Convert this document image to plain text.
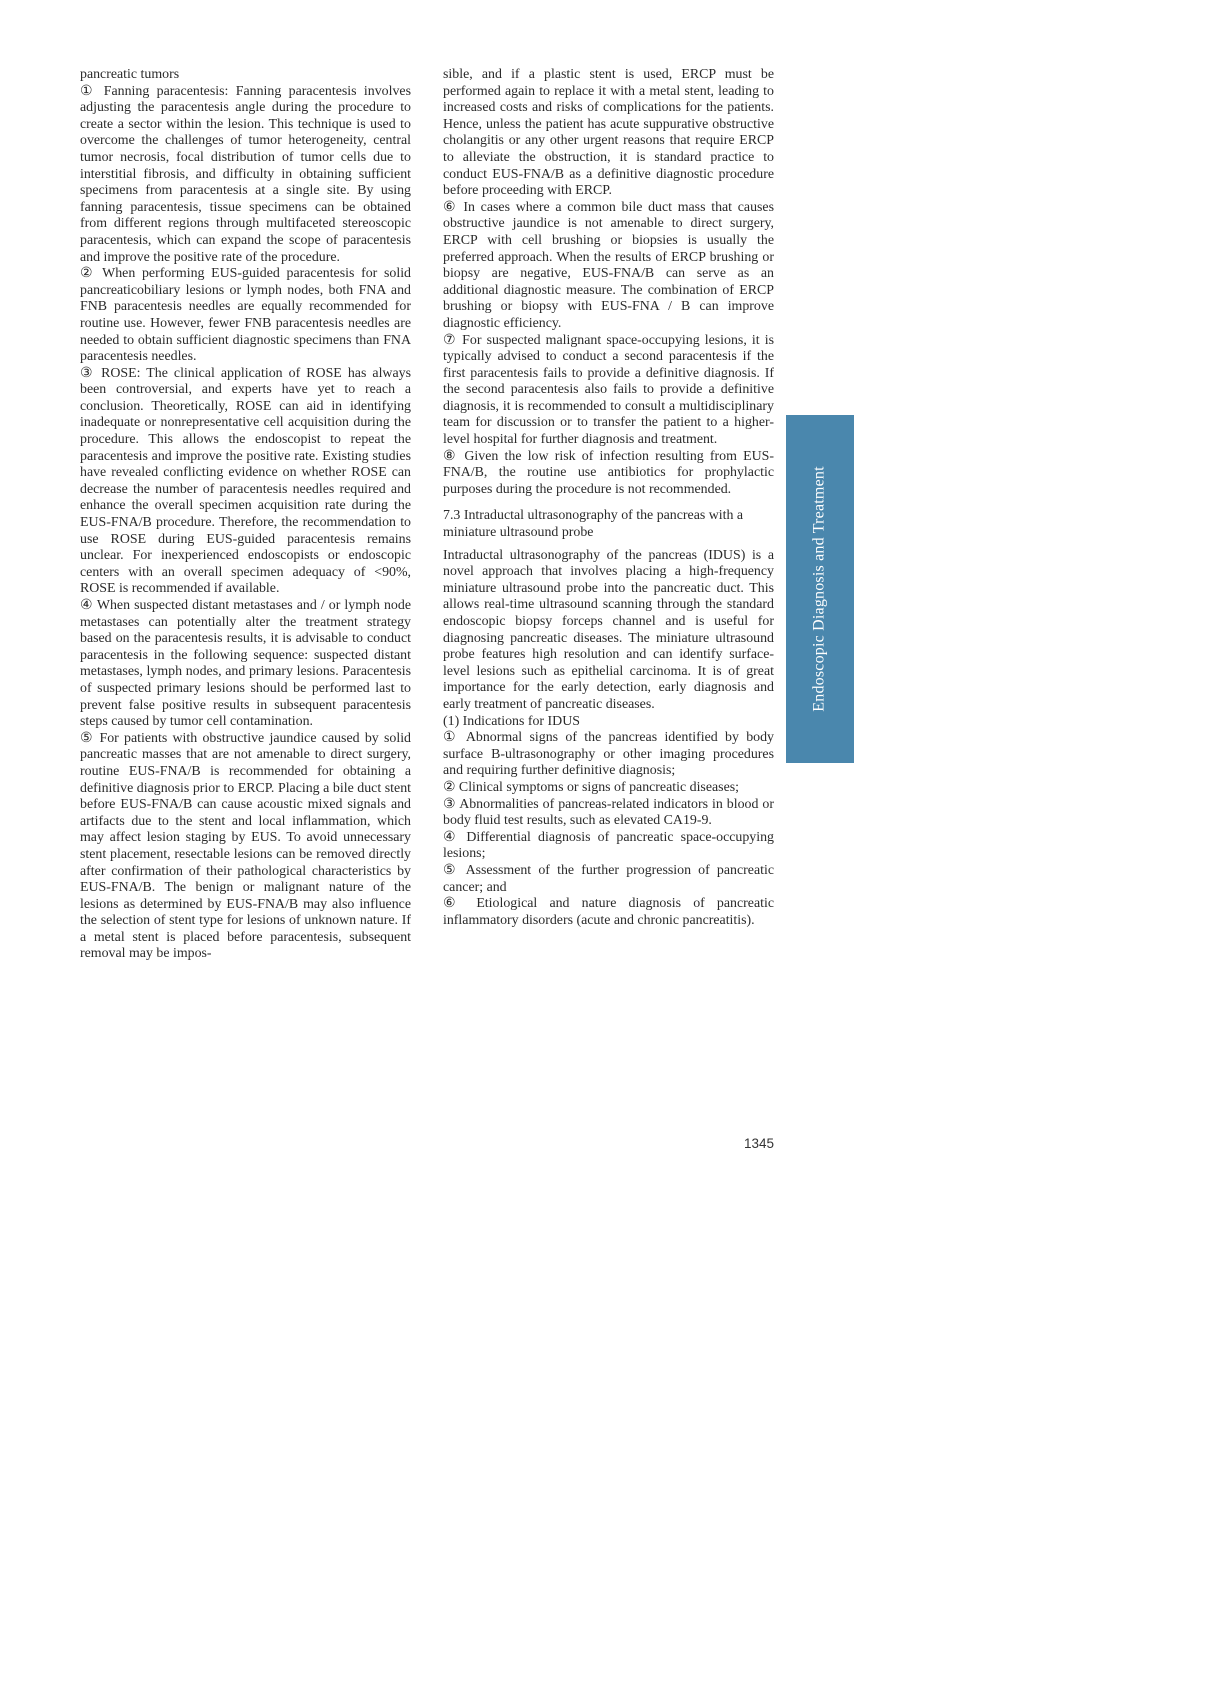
pancreatic tumors

① Fanning paracentesis: Fanning paracentesis involves adjusting the paracentesis angle during the procedure to create a sector within the lesion. This technique is used to overcome the challenges of tumor heterogeneity, central tumor necrosis, focal distribution of tumor cells due to interstitial fibrosis, and difficulty in obtaining sufficient specimens from paracentesis at a single site. By using fanning paracentesis, tissue specimens can be obtained from different regions through multifaceted stereoscopic paracentesis, which can expand the scope of paracentesis and improve the positive rate of the procedure.

② When performing EUS-guided paracentesis for solid pancreaticobiliary lesions or lymph nodes, both FNA and FNB paracentesis needles are equally recommended for routine use. However, fewer FNB paracentesis needles are needed to obtain sufficient diagnostic specimens than FNA paracentesis needles.

③ ROSE: The clinical application of ROSE has always been controversial, and experts have yet to reach a conclusion. Theoretically, ROSE can aid in identifying inadequate or nonrepresentative cell acquisition during the procedure. This allows the endoscopist to repeat the paracentesis and improve the positive rate. Existing studies have revealed conflicting evidence on whether ROSE can decrease the number of paracentesis needles required and enhance the overall specimen acquisition rate during the EUS-FNA/B procedure. Therefore, the recommendation to use ROSE during EUS-guided paracentesis remains unclear. For inexperienced endoscopists or endoscopic centers with an overall specimen adequacy of <90%, ROSE is recommended if available.

④ When suspected distant metastases and / or lymph node metastases can potentially alter the treatment strategy based on the paracentesis results, it is advisable to conduct paracentesis in the following sequence: suspected distant metastases, lymph nodes, and primary lesions. Paracentesis of suspected primary lesions should be performed last to prevent false positive results in subsequent paracentesis steps caused by tumor cell contamination.

⑤ For patients with obstructive jaundice caused by solid pancreatic masses that are not amenable to direct surgery, routine EUS-FNA/B is recommended for obtaining a definitive diagnosis prior to ERCP. Placing a bile duct stent before EUS-FNA/B can cause acoustic mixed signals and artifacts due to the stent and local inflammation, which may affect lesion staging by EUS. To avoid unnecessary stent placement, resectable lesions can be removed directly after confirmation of their pathological characteristics by EUS-FNA/B. The benign or malignant nature of the lesions as determined by EUS-FNA/B may also influence the selection of stent type for lesions of unknown nature. If a metal stent is placed before paracentesis, subsequent removal may be impos-

sible, and if a plastic stent is used, ERCP must be performed again to replace it with a metal stent, leading to increased costs and risks of complications for the patients. Hence, unless the patient has acute suppurative obstructive cholangitis or any other urgent reasons that require ERCP to alleviate the obstruction, it is standard practice to conduct EUS-FNA/B as a definitive diagnostic procedure before proceeding with ERCP.

⑥ In cases where a common bile duct mass that causes obstructive jaundice is not amenable to direct surgery, ERCP with cell brushing or biopsies is usually the preferred approach. When the results of ERCP brushing or biopsy are negative, EUS-FNA/B can serve as an additional diagnostic measure. The combination of ERCP brushing or biopsy with EUS-FNA / B can improve diagnostic efficiency.

⑦ For suspected malignant space-occupying lesions, it is typically advised to conduct a second paracentesis if the first paracentesis fails to provide a definitive diagnosis. If the second paracentesis also fails to provide a definitive diagnosis, it is recommended to consult a multidisciplinary team for discussion or to transfer the patient to a higher-level hospital for further diagnosis and treatment.

⑧ Given the low risk of infection resulting from EUS-FNA/B, the routine use antibiotics for prophylactic purposes during the procedure is not recommended.

7.3 Intraductal ultrasonography of the pancreas with a miniature ultrasound probe

Intraductal ultrasonography of the pancreas (IDUS) is a novel approach that involves placing a high-frequency miniature ultrasound probe into the pancreatic duct. This allows real-time ultrasound scanning through the standard endoscopic biopsy forceps channel and is useful for diagnosing pancreatic diseases. The miniature ultrasound probe features high resolution and can identify surface-level lesions such as epithelial carcinoma. It is of great importance for the early detection, early diagnosis and early treatment of pancreatic diseases.

(1) Indications for IDUS

① Abnormal signs of the pancreas identified by body surface B-ultrasonography or other imaging procedures and requiring further definitive diagnosis;

② Clinical symptoms or signs of pancreatic diseases;

③ Abnormalities of pancreas-related indicators in blood or body fluid test results, such as elevated CA19-9.

④ Differential diagnosis of pancreatic space-occupying lesions;

⑤ Assessment of the further progression of pancreatic cancer; and

⑥ Etiological and nature diagnosis of pancreatic inflammatory disorders (acute and chronic pancreatitis).

Endoscopic Diagnosis and Treatment
1345
